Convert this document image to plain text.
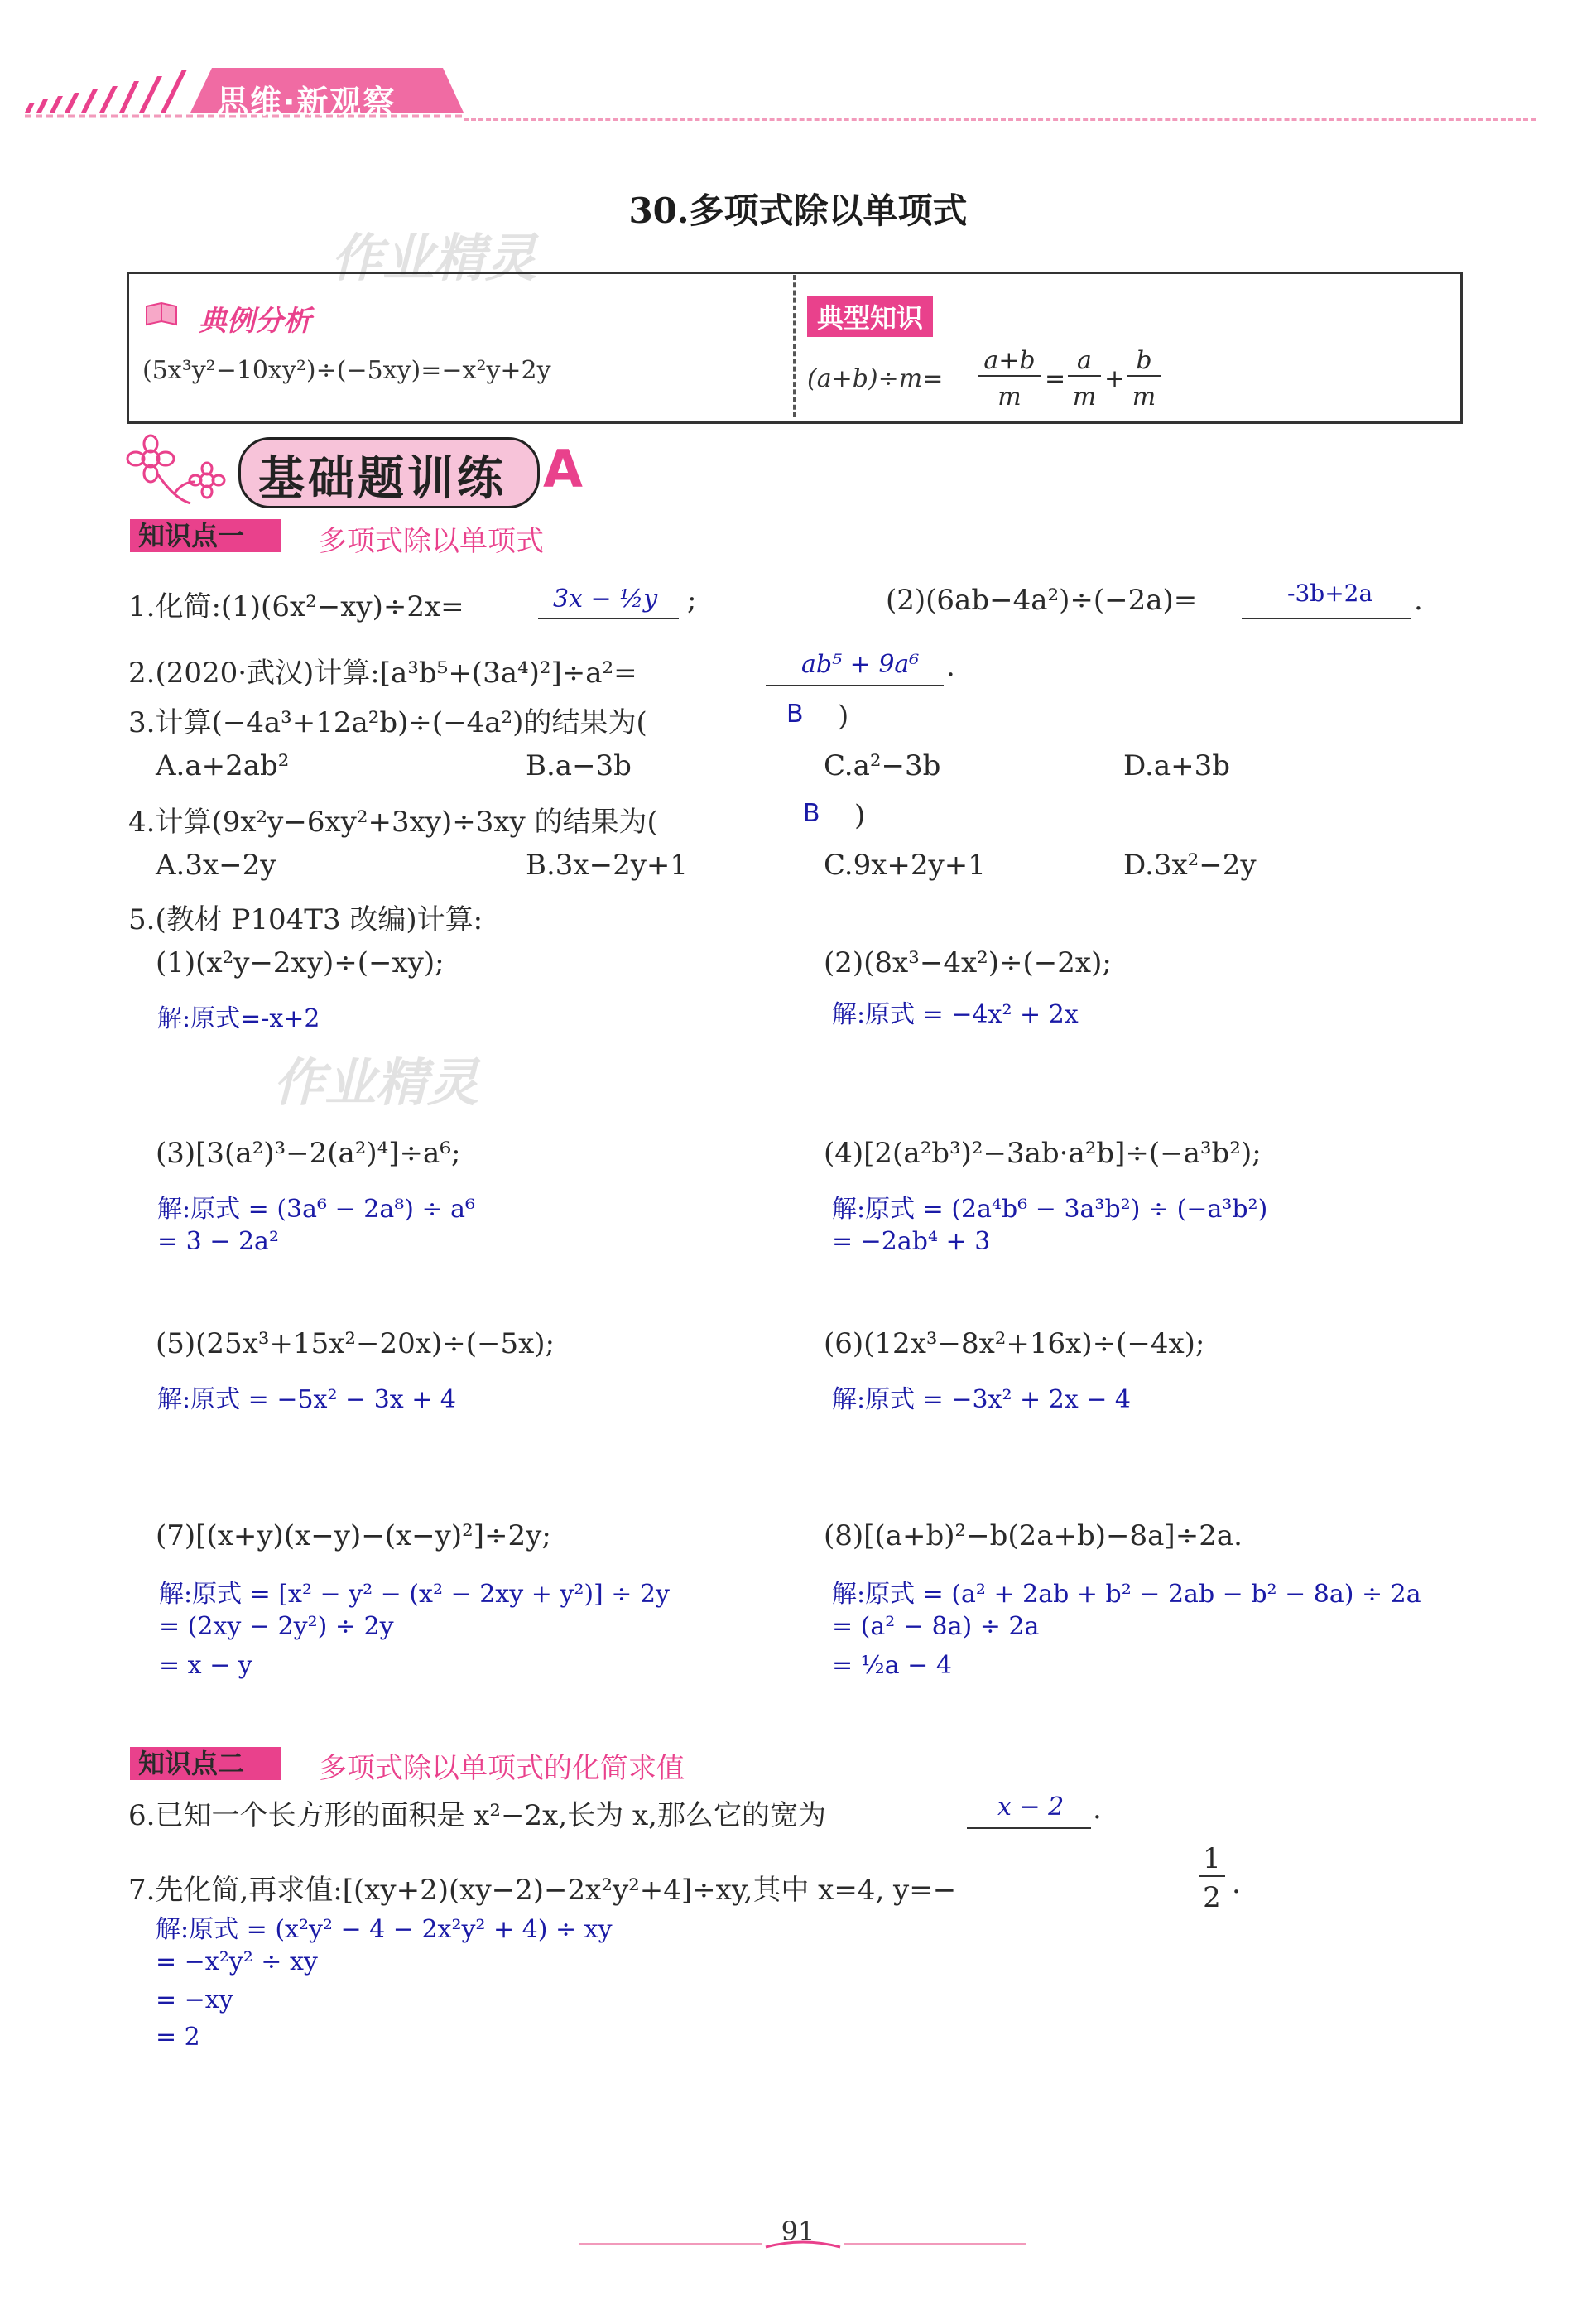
思维·新观察
30.多项式除以单项式
作业精灵
典例分析
(5x³y²−10xy²)÷(−5xy)=−x²y+2y
典型知识
(a+b)÷m=
a+b
m
=
a
m
+
b
m
基础题训练 A
知识点一	多项式除以单项式
1.化简:(1)(6x²−xy)÷2x=	3x − ½y ;	(2)(6ab−4a²)÷(−2a)=	-3b+2a .
2.(2020·武汉)计算:[a³b⁵+(3a⁴)²]÷a²=	ab⁵ + 9a⁶ .
3.计算(−4a³+12a²b)÷(−4a²)的结果为(	B )
A.a+2ab²	B.a−3b	C.a²−3b	D.a+3b
4.计算(9x²y−6xy²+3xy)÷3xy 的结果为(	B )
A.3x−2y	B.3x−2y+1	C.9x+2y+1	D.3x²−2y
5.(教材 P104T3 改编)计算:
(1)(x²y−2xy)÷(−xy);
解:原式=-x+2
(2)(8x³−4x²)÷(−2x);
解:原式 = −4x² + 2x
作业精灵
(3)[3(a²)³−2(a²)⁴]÷a⁶;
解:原式 = (3a⁶ − 2a⁸) ÷ a⁶
= 3 − 2a²
(4)[2(a²b³)²−3ab·a²b]÷(−a³b²);
解:原式 = (2a⁴b⁶ − 3a³b²) ÷ (−a³b²)
= −2ab⁴ + 3
(5)(25x³+15x²−20x)÷(−5x);
解:原式 = −5x² − 3x + 4
(6)(12x³−8x²+16x)÷(−4x);
解:原式 = −3x² + 2x − 4
(7)[(x+y)(x−y)−(x−y)²]÷2y;
解:原式 = [x² − y² − (x² − 2xy + y²)] ÷ 2y
= (2xy − 2y²) ÷ 2y
= x − y
(8)[(a+b)²−b(2a+b)−8a]÷2a.
解:原式 = (a² + 2ab + b² − 2ab − b² − 8a) ÷ 2a
= (a² − 8a) ÷ 2a
= ½a − 4
知识点二	多项式除以单项式的化简求值
6.已知一个长方形的面积是 x²−2x,长为 x,那么它的宽为	x − 2 .
7.先化简,再求值:[(xy+2)(xy−2)−2x²y²+4]÷xy,其中 x=4, y=−
1
2 .
解:原式 = (x²y² − 4 − 2x²y² + 4) ÷ xy
= −x²y² ÷ xy
= −xy
= 2
91
